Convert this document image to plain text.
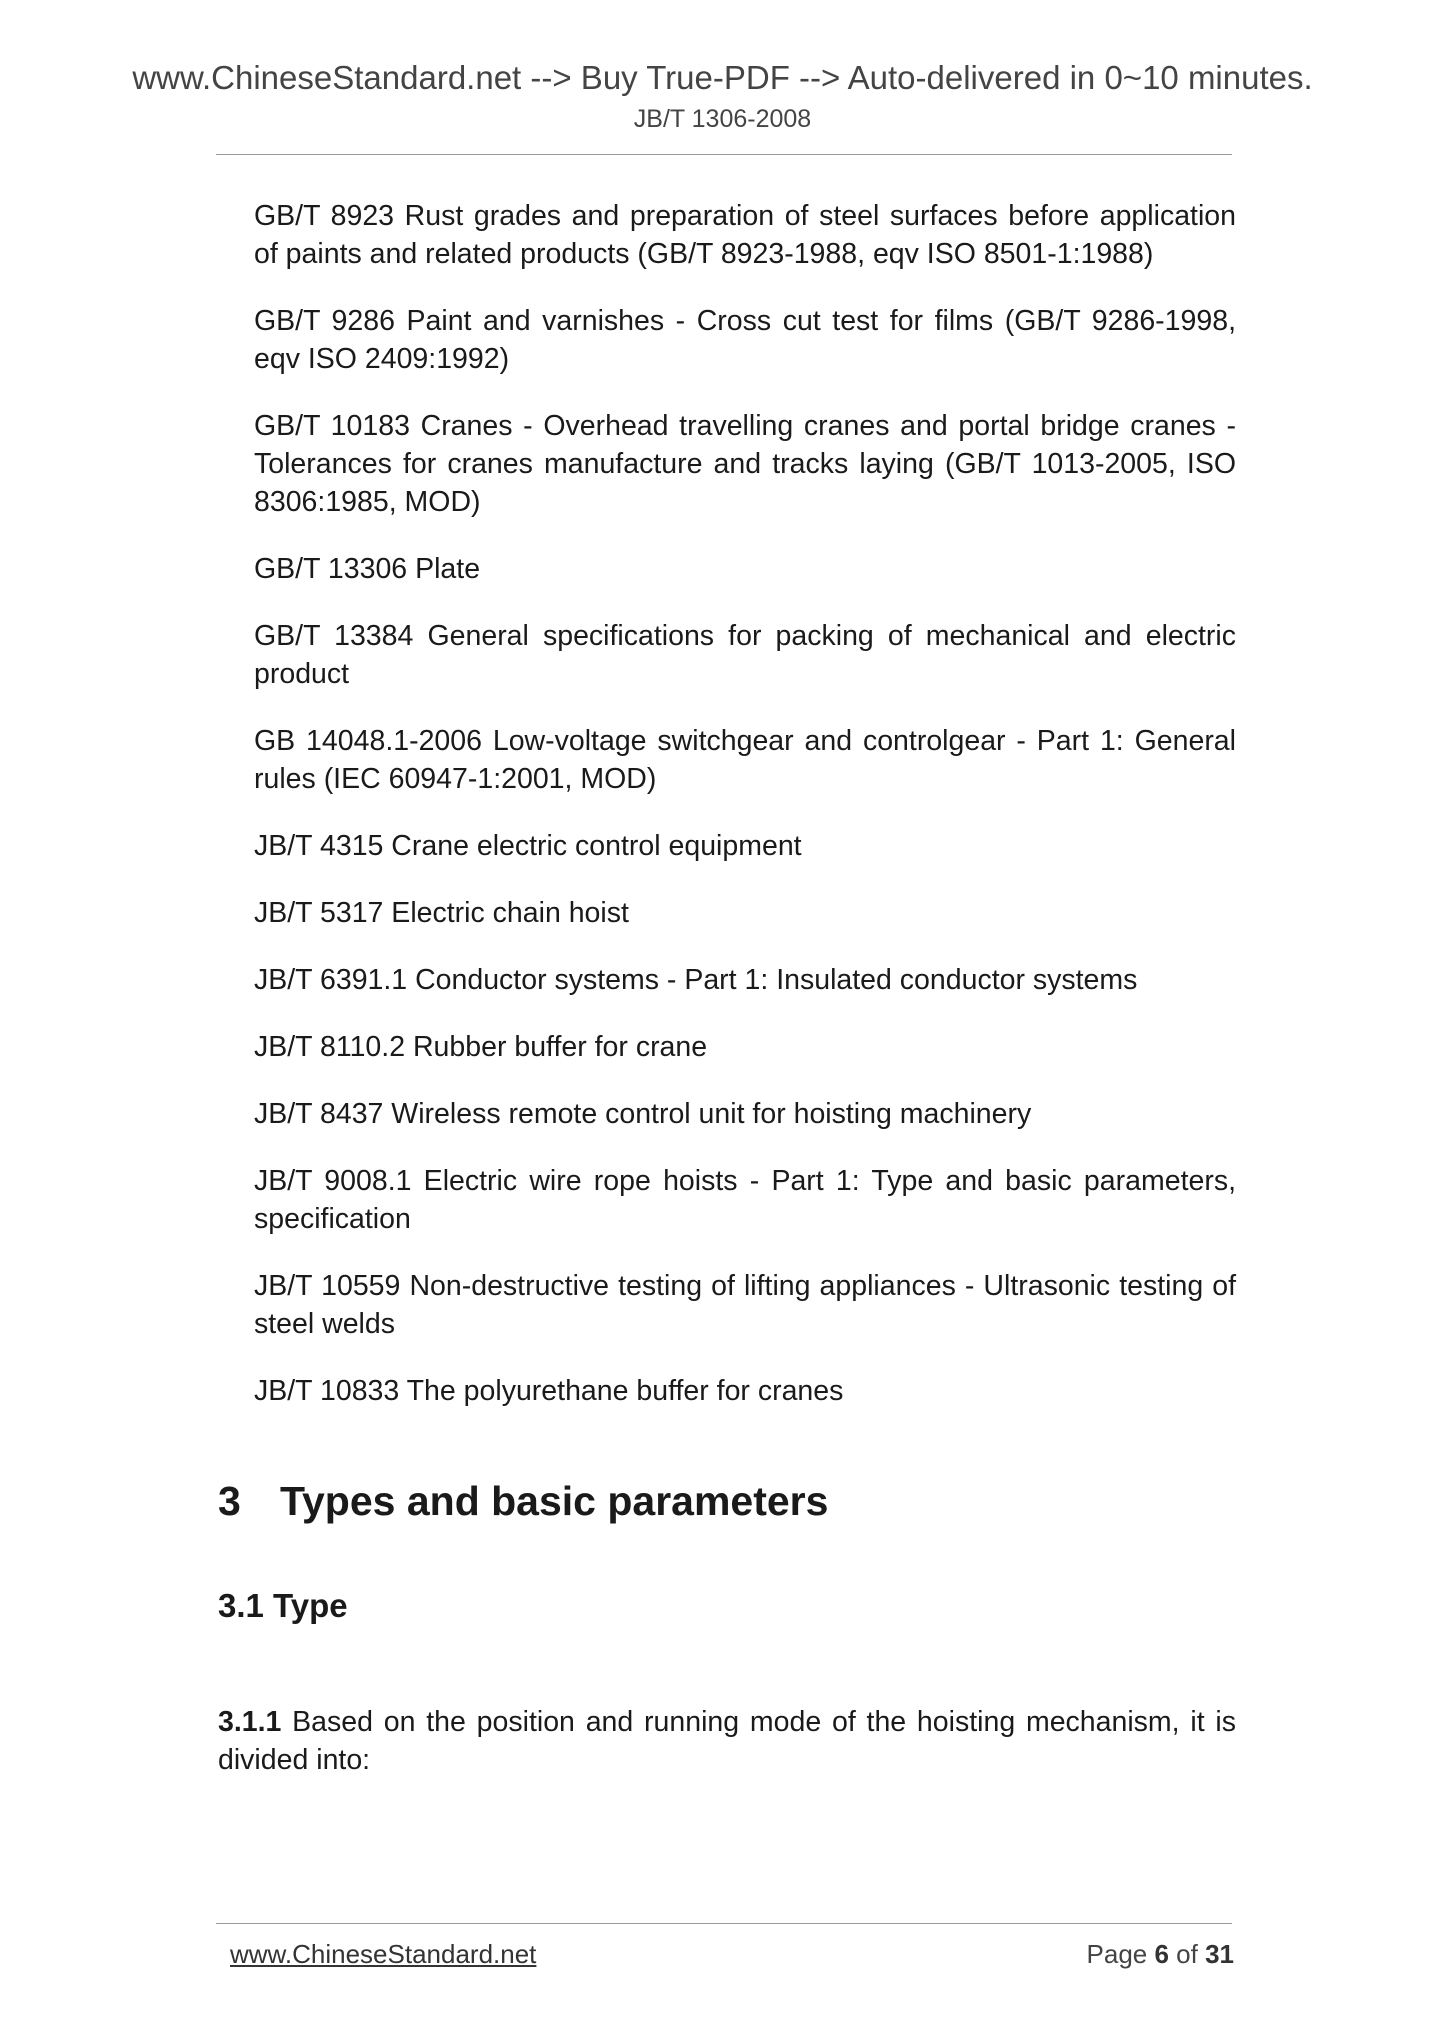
www.ChineseStandard.net --> Buy True-PDF --> Auto-delivered in 0~10 minutes.
JB/T 1306-2008

GB/T 8923 Rust grades and preparation of steel surfaces before application of paints and related products (GB/T 8923-1988, eqv ISO 8501-1:1988)

GB/T 9286 Paint and varnishes - Cross cut test for films (GB/T 9286-1998, eqv ISO 2409:1992)

GB/T 10183 Cranes - Overhead travelling cranes and portal bridge cranes - Tolerances for cranes manufacture and tracks laying (GB/T 1013-2005, ISO 8306:1985, MOD)

GB/T 13306 Plate

GB/T 13384 General specifications for packing of mechanical and electric product

GB 14048.1-2006 Low-voltage switchgear and controlgear - Part 1: General rules (IEC 60947-1:2001, MOD)

JB/T 4315 Crane electric control equipment

JB/T 5317 Electric chain hoist

JB/T 6391.1 Conductor systems - Part 1: Insulated conductor systems

JB/T 8110.2 Rubber buffer for crane

JB/T 8437 Wireless remote control unit for hoisting machinery

JB/T 9008.1 Electric wire rope hoists - Part 1: Type and basic parameters, specification

JB/T 10559 Non-destructive testing of lifting appliances - Ultrasonic testing of steel welds

JB/T 10833 The polyurethane buffer for cranes

3 Types and basic parameters
3.1 Type

3.1.1 Based on the position and running mode of the hoisting mechanism, it is divided into:

www.ChineseStandard.net	Page 6 of 31
